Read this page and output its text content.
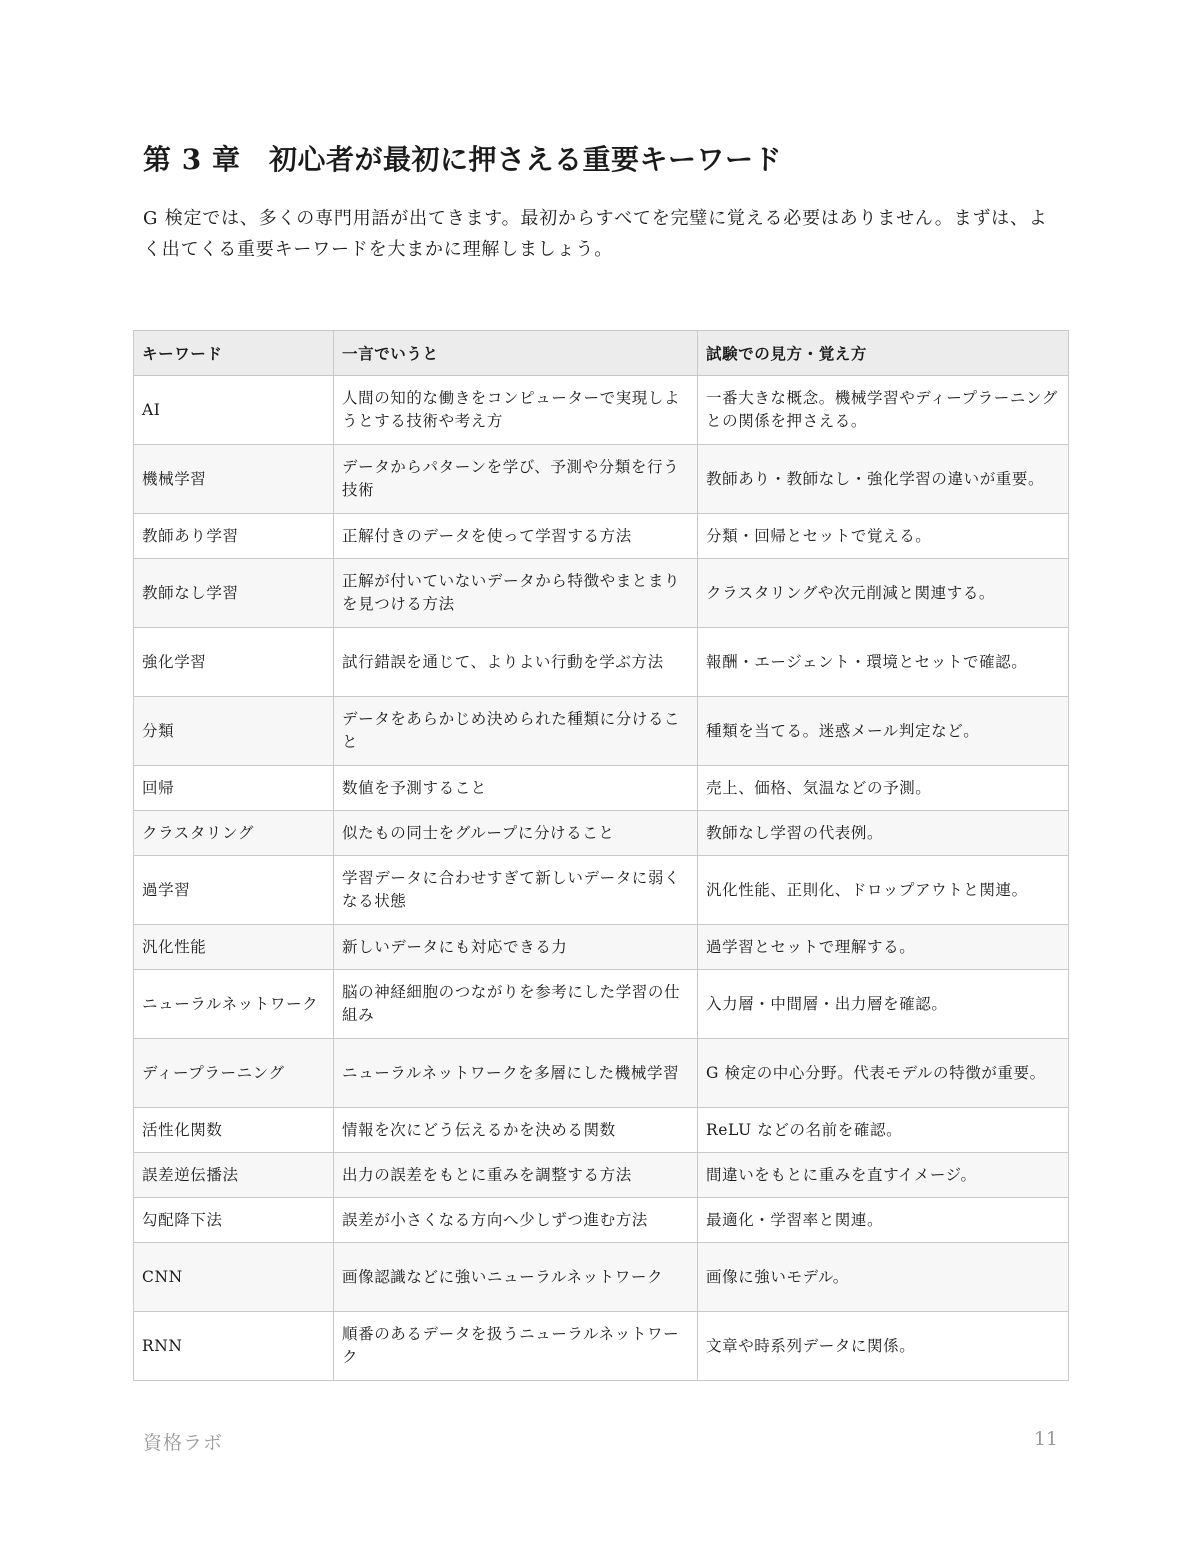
第 3 章　初心者が最初に押さえる重要キーワード

G 検定では、多くの専門用語が出てきます。最初からすべてを完璧に覚える必要はありません。まずは、よく出てくる重要キーワードを大まかに理解しましょう。

キーワード	一言でいうと	試験での見方・覚え方
AI	人間の知的な働きをコンピューターで実現しようとする技術や考え方	一番大きな概念。機械学習やディープラーニングとの関係を押さえる。
機械学習	データからパターンを学び、予測や分類を行う技術	教師あり・教師なし・強化学習の違いが重要。
教師あり学習	正解付きのデータを使って学習する方法	分類・回帰とセットで覚える。
教師なし学習	正解が付いていないデータから特徴やまとまりを見つける方法	クラスタリングや次元削減と関連する。
強化学習	試行錯誤を通じて、よりよい行動を学ぶ方法	報酬・エージェント・環境とセットで確認。
分類	データをあらかじめ決められた種類に分けること	種類を当てる。迷惑メール判定など。
回帰	数値を予測すること	売上、価格、気温などの予測。
クラスタリング	似たもの同士をグループに分けること	教師なし学習の代表例。
過学習	学習データに合わせすぎて新しいデータに弱くなる状態	汎化性能、正則化、ドロップアウトと関連。
汎化性能	新しいデータにも対応できる力	過学習とセットで理解する。
ニューラルネットワーク	脳の神経細胞のつながりを参考にした学習の仕組み	入力層・中間層・出力層を確認。
ディープラーニング	ニューラルネットワークを多層にした機械学習	G 検定の中心分野。代表モデルの特徴が重要。
活性化関数	情報を次にどう伝えるかを決める関数	ReLU などの名前を確認。
誤差逆伝播法	出力の誤差をもとに重みを調整する方法	間違いをもとに重みを直すイメージ。
勾配降下法	誤差が小さくなる方向へ少しずつ進む方法	最適化・学習率と関連。
CNN	画像認識などに強いニューラルネットワーク	画像に強いモデル。
RNN	順番のあるデータを扱うニューラルネットワーク	文章や時系列データに関係。
資格ラボ	11
